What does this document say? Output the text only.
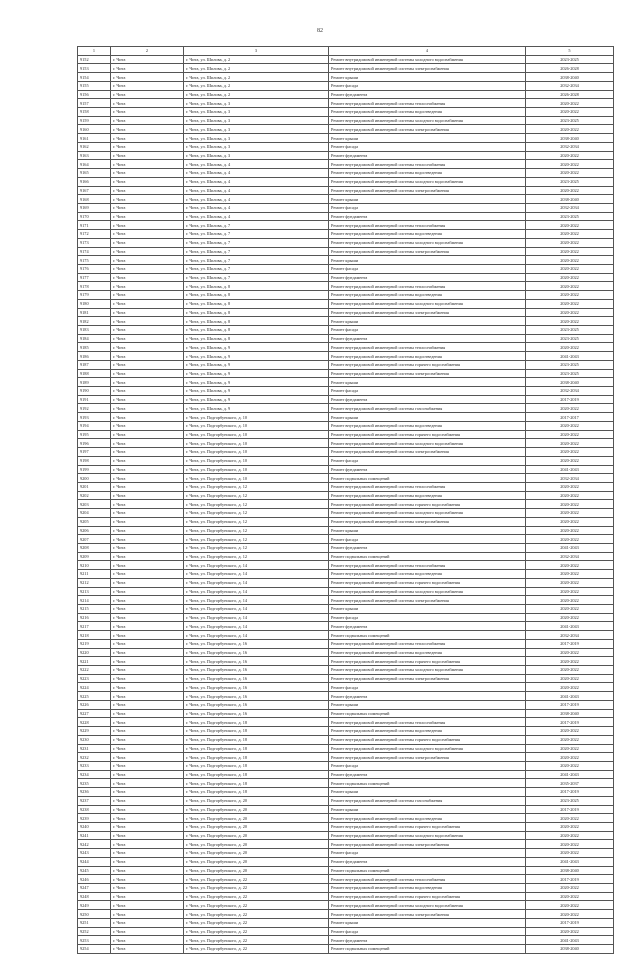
82
1	2	3	4	5
9152	г. Чита	г. Чита, ул. Шилова, д. 2	Ремонт внутридомовой инженерной системы холодного водоснабжения	2023-2025
9153	г. Чита	г. Чита, ул. Шилова, д. 2	Ремонт внутридомовой инженерной системы электроснабжения	2026-2028
9154	г. Чита	г. Чита, ул. Шилова, д. 2	Ремонт крыши	2038-2040
9155	г. Чита	г. Чита, ул. Шилова, д. 2	Ремонт фасада	2032-2034
9156	г. Чита	г. Чита, ул. Шилова, д. 2	Ремонт фундамента	2026-2028
9157	г. Чита	г. Чита, ул. Шилова, д. 3	Ремонт внутридомовой инженерной системы теплоснабжения	2020-2022
9158	г. Чита	г. Чита, ул. Шилова, д. 3	Ремонт внутридомовой инженерной системы водоотведения	2020-2022
9159	г. Чита	г. Чита, ул. Шилова, д. 3	Ремонт внутридомовой инженерной системы холодного водоснабжения	2023-2025
9160	г. Чита	г. Чита, ул. Шилова, д. 3	Ремонт внутридомовой инженерной системы электроснабжения	2020-2022
9161	г. Чита	г. Чита, ул. Шилова, д. 3	Ремонт крыши	2038-2040
9162	г. Чита	г. Чита, ул. Шилова, д. 3	Ремонт фасада	2032-2034
9163	г. Чита	г. Чита, ул. Шилова, д. 3	Ремонт фундамента	2020-2022
9164	г. Чита	г. Чита, ул. Шилова, д. 4	Ремонт внутридомовой инженерной системы теплоснабжения	2020-2022
9165	г. Чита	г. Чита, ул. Шилова, д. 4	Ремонт внутридомовой инженерной системы водоотведения	2020-2022
9166	г. Чита	г. Чита, ул. Шилова, д. 4	Ремонт внутридомовой инженерной системы холодного водоснабжения	2023-2025
9167	г. Чита	г. Чита, ул. Шилова, д. 4	Ремонт внутридомовой инженерной системы электроснабжения	2020-2022
9168	г. Чита	г. Чита, ул. Шилова, д. 4	Ремонт крыши	2038-2040
9169	г. Чита	г. Чита, ул. Шилова, д. 4	Ремонт фасада	2032-2034
9170	г. Чита	г. Чита, ул. Шилова, д. 4	Ремонт фундамента	2023-2025
9171	г. Чита	г. Чита, ул. Шилова, д. 7	Ремонт внутридомовой инженерной системы теплоснабжения	2020-2022
9172	г. Чита	г. Чита, ул. Шилова, д. 7	Ремонт внутридомовой инженерной системы водоотведения	2020-2022
9173	г. Чита	г. Чита, ул. Шилова, д. 7	Ремонт внутридомовой инженерной системы холодного водоснабжения	2020-2022
9174	г. Чита	г. Чита, ул. Шилова, д. 7	Ремонт внутридомовой инженерной системы электроснабжения	2020-2022
9175	г. Чита	г. Чита, ул. Шилова, д. 7	Ремонт крыши	2020-2022
9176	г. Чита	г. Чита, ул. Шилова, д. 7	Ремонт фасада	2020-2022
9177	г. Чита	г. Чита, ул. Шилова, д. 7	Ремонт фундамента	2020-2022
9178	г. Чита	г. Чита, ул. Шилова, д. 8	Ремонт внутридомовой инженерной системы теплоснабжения	2020-2022
9179	г. Чита	г. Чита, ул. Шилова, д. 8	Ремонт внутридомовой инженерной системы водоотведения	2020-2022
9180	г. Чита	г. Чита, ул. Шилова, д. 8	Ремонт внутридомовой инженерной системы холодного водоснабжения	2020-2022
9181	г. Чита	г. Чита, ул. Шилова, д. 8	Ремонт внутридомовой инженерной системы электроснабжения	2020-2022
9182	г. Чита	г. Чита, ул. Шилова, д. 8	Ремонт крыши	2020-2022
9183	г. Чита	г. Чита, ул. Шилова, д. 8	Ремонт фасада	2023-2025
9184	г. Чита	г. Чита, ул. Шилова, д. 8	Ремонт фундамента	2023-2025
9185	г. Чита	г. Чита, ул. Шилова, д. 9	Ремонт внутридомовой инженерной системы теплоснабжения	2020-2022
9186	г. Чита	г. Чита, ул. Шилова, д. 9	Ремонт внутридомовой инженерной системы водоотведения	2041-2043
9187	г. Чита	г. Чита, ул. Шилова, д. 9	Ремонт внутридомовой инженерной системы горячего водоснабжения	2023-2025
9188	г. Чита	г. Чита, ул. Шилова, д. 9	Ремонт внутридомовой инженерной системы электроснабжения	2023-2025
9189	г. Чита	г. Чита, ул. Шилова, д. 9	Ремонт крыши	2038-2040
9190	г. Чита	г. Чита, ул. Шилова, д. 9	Ремонт фасада	2032-2034
9191	г. Чита	г. Чита, ул. Шилова, д. 9	Ремонт фундамента	2017-2019
9192	г. Чита	г. Чита, ул. Шилова, д. 9	Ремонт внутридомовой инженерной системы газоснабжения	2020-2022
9193	г. Чита	г. Чита, ул. Подгорбунского, д. 10	Ремонт крыши	2017-2017
9194	г. Чита	г. Чита, ул. Подгорбунского, д. 10	Ремонт внутридомовой инженерной системы водоотведения	2020-2022
9195	г. Чита	г. Чита, ул. Подгорбунского, д. 10	Ремонт внутридомовой инженерной системы горячего водоснабжения	2020-2022
9196	г. Чита	г. Чита, ул. Подгорбунского, д. 10	Ремонт внутридомовой инженерной системы холодного водоснабжения	2020-2022
9197	г. Чита	г. Чита, ул. Подгорбунского, д. 10	Ремонт внутридомовой инженерной системы электроснабжения	2020-2022
9198	г. Чита	г. Чита, ул. Подгорбунского, д. 10	Ремонт фасада	2020-2022
9199	г. Чита	г. Чита, ул. Подгорбунского, д. 10	Ремонт фундамента	2041-2043
9200	г. Чита	г. Чита, ул. Подгорбунского, д. 10	Ремонт подвальных помещений	2032-2034
9201	г. Чита	г. Чита, ул. Подгорбунского, д. 12	Ремонт внутридомовой инженерной системы теплоснабжения	2020-2022
9202	г. Чита	г. Чита, ул. Подгорбунского, д. 12	Ремонт внутридомовой инженерной системы водоотведения	2020-2022
9203	г. Чита	г. Чита, ул. Подгорбунского, д. 12	Ремонт внутридомовой инженерной системы горячего водоснабжения	2020-2022
9204	г. Чита	г. Чита, ул. Подгорбунского, д. 12	Ремонт внутридомовой инженерной системы холодного водоснабжения	2020-2022
9205	г. Чита	г. Чита, ул. Подгорбунского, д. 12	Ремонт внутридомовой инженерной системы электроснабжения	2020-2022
9206	г. Чита	г. Чита, ул. Подгорбунского, д. 12	Ремонт крыши	2020-2022
9207	г. Чита	г. Чита, ул. Подгорбунского, д. 12	Ремонт фасада	2020-2022
9208	г. Чита	г. Чита, ул. Подгорбунского, д. 12	Ремонт фундамента	2041-2043
9209	г. Чита	г. Чита, ул. Подгорбунского, д. 12	Ремонт подвальных помещений	2032-2034
9210	г. Чита	г. Чита, ул. Подгорбунского, д. 14	Ремонт внутридомовой инженерной системы теплоснабжения	2020-2022
9211	г. Чита	г. Чита, ул. Подгорбунского, д. 14	Ремонт внутридомовой инженерной системы водоотведения	2020-2022
9212	г. Чита	г. Чита, ул. Подгорбунского, д. 14	Ремонт внутридомовой инженерной системы горячего водоснабжения	2020-2022
9213	г. Чита	г. Чита, ул. Подгорбунского, д. 14	Ремонт внутридомовой инженерной системы холодного водоснабжения	2020-2022
9214	г. Чита	г. Чита, ул. Подгорбунского, д. 14	Ремонт внутридомовой инженерной системы электроснабжения	2020-2022
9215	г. Чита	г. Чита, ул. Подгорбунского, д. 14	Ремонт крыши	2020-2022
9216	г. Чита	г. Чита, ул. Подгорбунского, д. 14	Ремонт фасада	2020-2022
9217	г. Чита	г. Чита, ул. Подгорбунского, д. 14	Ремонт фундамента	2041-2043
9218	г. Чита	г. Чита, ул. Подгорбунского, д. 14	Ремонт подвальных помещений	2032-2034
9219	г. Чита	г. Чита, ул. Подгорбунского, д. 16	Ремонт внутридомовой инженерной системы теплоснабжения	2017-2019
9220	г. Чита	г. Чита, ул. Подгорбунского, д. 16	Ремонт внутридомовой инженерной системы водоотведения	2020-2022
9221	г. Чита	г. Чита, ул. Подгорбунского, д. 16	Ремонт внутридомовой инженерной системы горячего водоснабжения	2020-2022
9222	г. Чита	г. Чита, ул. Подгорбунского, д. 16	Ремонт внутридомовой инженерной системы холодного водоснабжения	2020-2022
9223	г. Чита	г. Чита, ул. Подгорбунского, д. 16	Ремонт внутридомовой инженерной системы электроснабжения	2020-2022
9224	г. Чита	г. Чита, ул. Подгорбунского, д. 16	Ремонт фасада	2020-2022
9225	г. Чита	г. Чита, ул. Подгорбунского, д. 16	Ремонт фундамента	2041-2043
9226	г. Чита	г. Чита, ул. Подгорбунского, д. 16	Ремонт крыши	2017-2019
9227	г. Чита	г. Чита, ул. Подгорбунского, д. 16	Ремонт подвальных помещений	2038-2040
9228	г. Чита	г. Чита, ул. Подгорбунского, д. 18	Ремонт внутридомовой инженерной системы теплоснабжения	2017-2019
9229	г. Чита	г. Чита, ул. Подгорбунского, д. 18	Ремонт внутридомовой инженерной системы водоотведения	2020-2022
9230	г. Чита	г. Чита, ул. Подгорбунского, д. 18	Ремонт внутридомовой инженерной системы горячего водоснабжения	2020-2022
9231	г. Чита	г. Чита, ул. Подгорбунского, д. 18	Ремонт внутридомовой инженерной системы холодного водоснабжения	2020-2022
9232	г. Чита	г. Чита, ул. Подгорбунского, д. 18	Ремонт внутридомовой инженерной системы электроснабжения	2020-2022
9233	г. Чита	г. Чита, ул. Подгорбунского, д. 18	Ремонт фасада	2020-2022
9234	г. Чита	г. Чита, ул. Подгорбунского, д. 18	Ремонт фундамента	2041-2043
9235	г. Чита	г. Чита, ул. Подгорбунского, д. 18	Ремонт подвальных помещений	2035-2037
9236	г. Чита	г. Чита, ул. Подгорбунского, д. 18	Ремонт крыши	2017-2019
9237	г. Чита	г. Чита, ул. Подгорбунского, д. 20	Ремонт внутридомовой инженерной системы газоснабжения	2023-2025
9238	г. Чита	г. Чита, ул. Подгорбунского, д. 20	Ремонт крыши	2017-2019
9239	г. Чита	г. Чита, ул. Подгорбунского, д. 20	Ремонт внутридомовой инженерной системы водоотведения	2020-2022
9240	г. Чита	г. Чита, ул. Подгорбунского, д. 20	Ремонт внутридомовой инженерной системы горячего водоснабжения	2020-2022
9241	г. Чита	г. Чита, ул. Подгорбунского, д. 20	Ремонт внутридомовой инженерной системы холодного водоснабжения	2020-2022
9242	г. Чита	г. Чита, ул. Подгорбунского, д. 20	Ремонт внутридомовой инженерной системы электроснабжения	2020-2022
9243	г. Чита	г. Чита, ул. Подгорбунского, д. 20	Ремонт фасада	2020-2022
9244	г. Чита	г. Чита, ул. Подгорбунского, д. 20	Ремонт фундамента	2041-2043
9245	г. Чита	г. Чита, ул. Подгорбунского, д. 20	Ремонт подвальных помещений	2038-2040
9246	г. Чита	г. Чита, ул. Подгорбунского, д. 22	Ремонт внутридомовой инженерной системы теплоснабжения	2017-2019
9247	г. Чита	г. Чита, ул. Подгорбунского, д. 22	Ремонт внутридомовой инженерной системы водоотведения	2020-2022
9248	г. Чита	г. Чита, ул. Подгорбунского, д. 22	Ремонт внутридомовой инженерной системы горячего водоснабжения	2020-2022
9249	г. Чита	г. Чита, ул. Подгорбунского, д. 22	Ремонт внутридомовой инженерной системы холодного водоснабжения	2020-2022
9250	г. Чита	г. Чита, ул. Подгорбунского, д. 22	Ремонт внутридомовой инженерной системы электроснабжения	2020-2022
9251	г. Чита	г. Чита, ул. Подгорбунского, д. 22	Ремонт крыши	2017-2019
9252	г. Чита	г. Чита, ул. Подгорбунского, д. 22	Ремонт фасада	2020-2022
9253	г. Чита	г. Чита, ул. Подгорбунского, д. 22	Ремонт фундамента	2041-2043
9254	г. Чита	г. Чита, ул. Подгорбунского, д. 22	Ремонт подвальных помещений	2038-2040
